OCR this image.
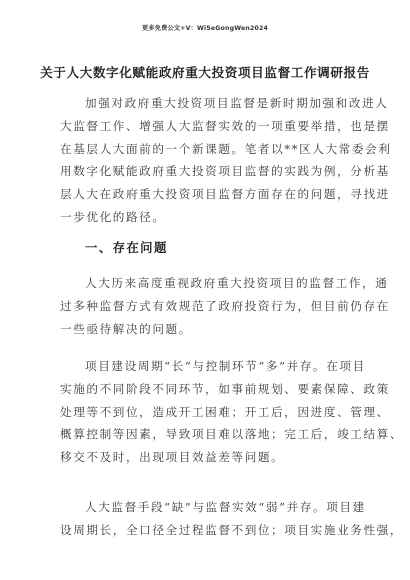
更多免费公文+V：Wi5eGongWen2024
关于人大数字化赋能政府重大投资项目监督工作调研报告
加强对政府重大投资项目监督是新时期加强和改进人
大监督工作、增强人大监督实效的一项重要举措，也是摆
在基层人大面前的一个新课题。笔者以**区人大常委会利
用数字化赋能政府重大投资项目监督的实践为例，分析基
层人大在政府重大投资项目监督方面存在的问题，寻找进
一步优化的路径。
一、存在问题
人大历来高度重视政府重大投资项目的监督工作，通
过多种监督方式有效规范了政府投资行为，但目前仍存在
一些亟待解决的问题。
项目建设周期“长”与控制环节“多”并存。在项目
实施的不同阶段不同环节，如事前规划、要素保障、政策
处理等不到位，造成开工困难；开工后，因进度、管理、
概算控制等因素，导致项目难以落地；完工后，竣工结算、
移交不及时，出现项目效益差等问题。
人大监督手段“缺”与监督实效“弱”并存。项目建
设周期长，全口径全过程监督不到位；项目实施业务性强，
